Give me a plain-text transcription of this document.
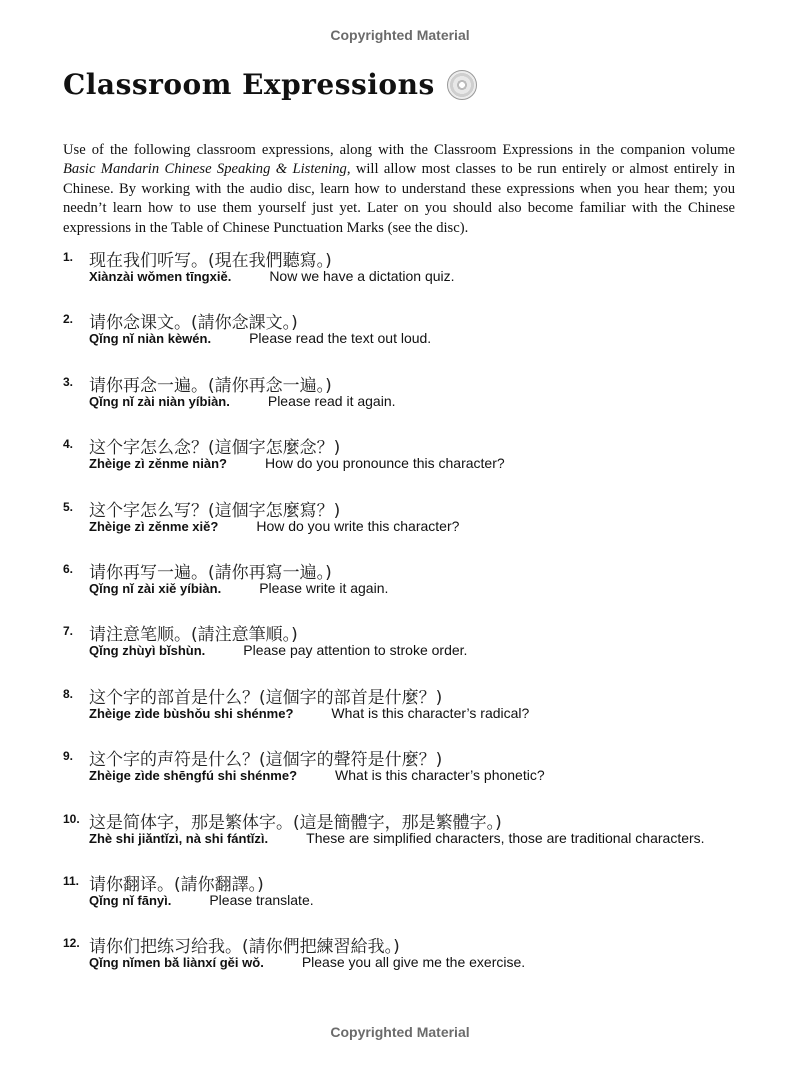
Copyrighted Material
Classroom Expressions

Use of the following classroom expressions, along with the Classroom Expressions in the companion volume Basic Mandarin Chinese Speaking & Listening, will allow most classes to be run entirely or almost entirely in Chinese. By working with the audio disc, learn how to understand these expressions when you hear them; you needn’t learn how to use them yourself just yet. Later on you should also become familiar with the Chinese expressions in the Table of Chinese Punctuation Marks (see the disc).

1. 现在我们听写。(現在我們聽寫。)
Xiànzài wǒmen tīngxiě.	Now we have a dictation quiz.
2. 请你念课文。(請你念課文。)
Qǐng nǐ niàn kèwén.	Please read the text out loud.
3. 请你再念一遍。(請你再念一遍。)
Qǐng nǐ zài niàn yíbiàn.	Please read it again.
4. 这个字怎么念？(這個字怎麼念？)
Zhèige zì zěnme niàn?	How do you pronounce this character?
5. 这个字怎么写？(這個字怎麼寫？)
Zhèige zì zěnme xiě?	How do you write this character?
6. 请你再写一遍。(請你再寫一遍。)
Qǐng nǐ zài xiě yíbiàn.	Please write it again.
7. 请注意笔顺。(請注意筆順。)
Qǐng zhùyì bǐshùn.	Please pay attention to stroke order.
8. 这个字的部首是什么？(這個字的部首是什麼？)
Zhèige zìde bùshǒu shi shénme?	What is this character’s radical?
9. 这个字的声符是什么？(這個字的聲符是什麼？)
Zhèige zìde shēngfú shi shénme?	What is this character’s phonetic?
10. 这是简体字，那是繁体字。(這是簡體字，那是繁體字。)
Zhè shi jiǎntǐzì, nà shi fántǐzì.	These are simplified characters, those are traditional characters.
11. 请你翻译。(請你翻譯。)
Qǐng nǐ fānyì.	Please translate.
12. 请你们把练习给我。(請你們把練習給我。)
Qǐng nǐmen bǎ liànxí gěi wǒ.	Please you all give me the exercise.
Copyrighted Material
